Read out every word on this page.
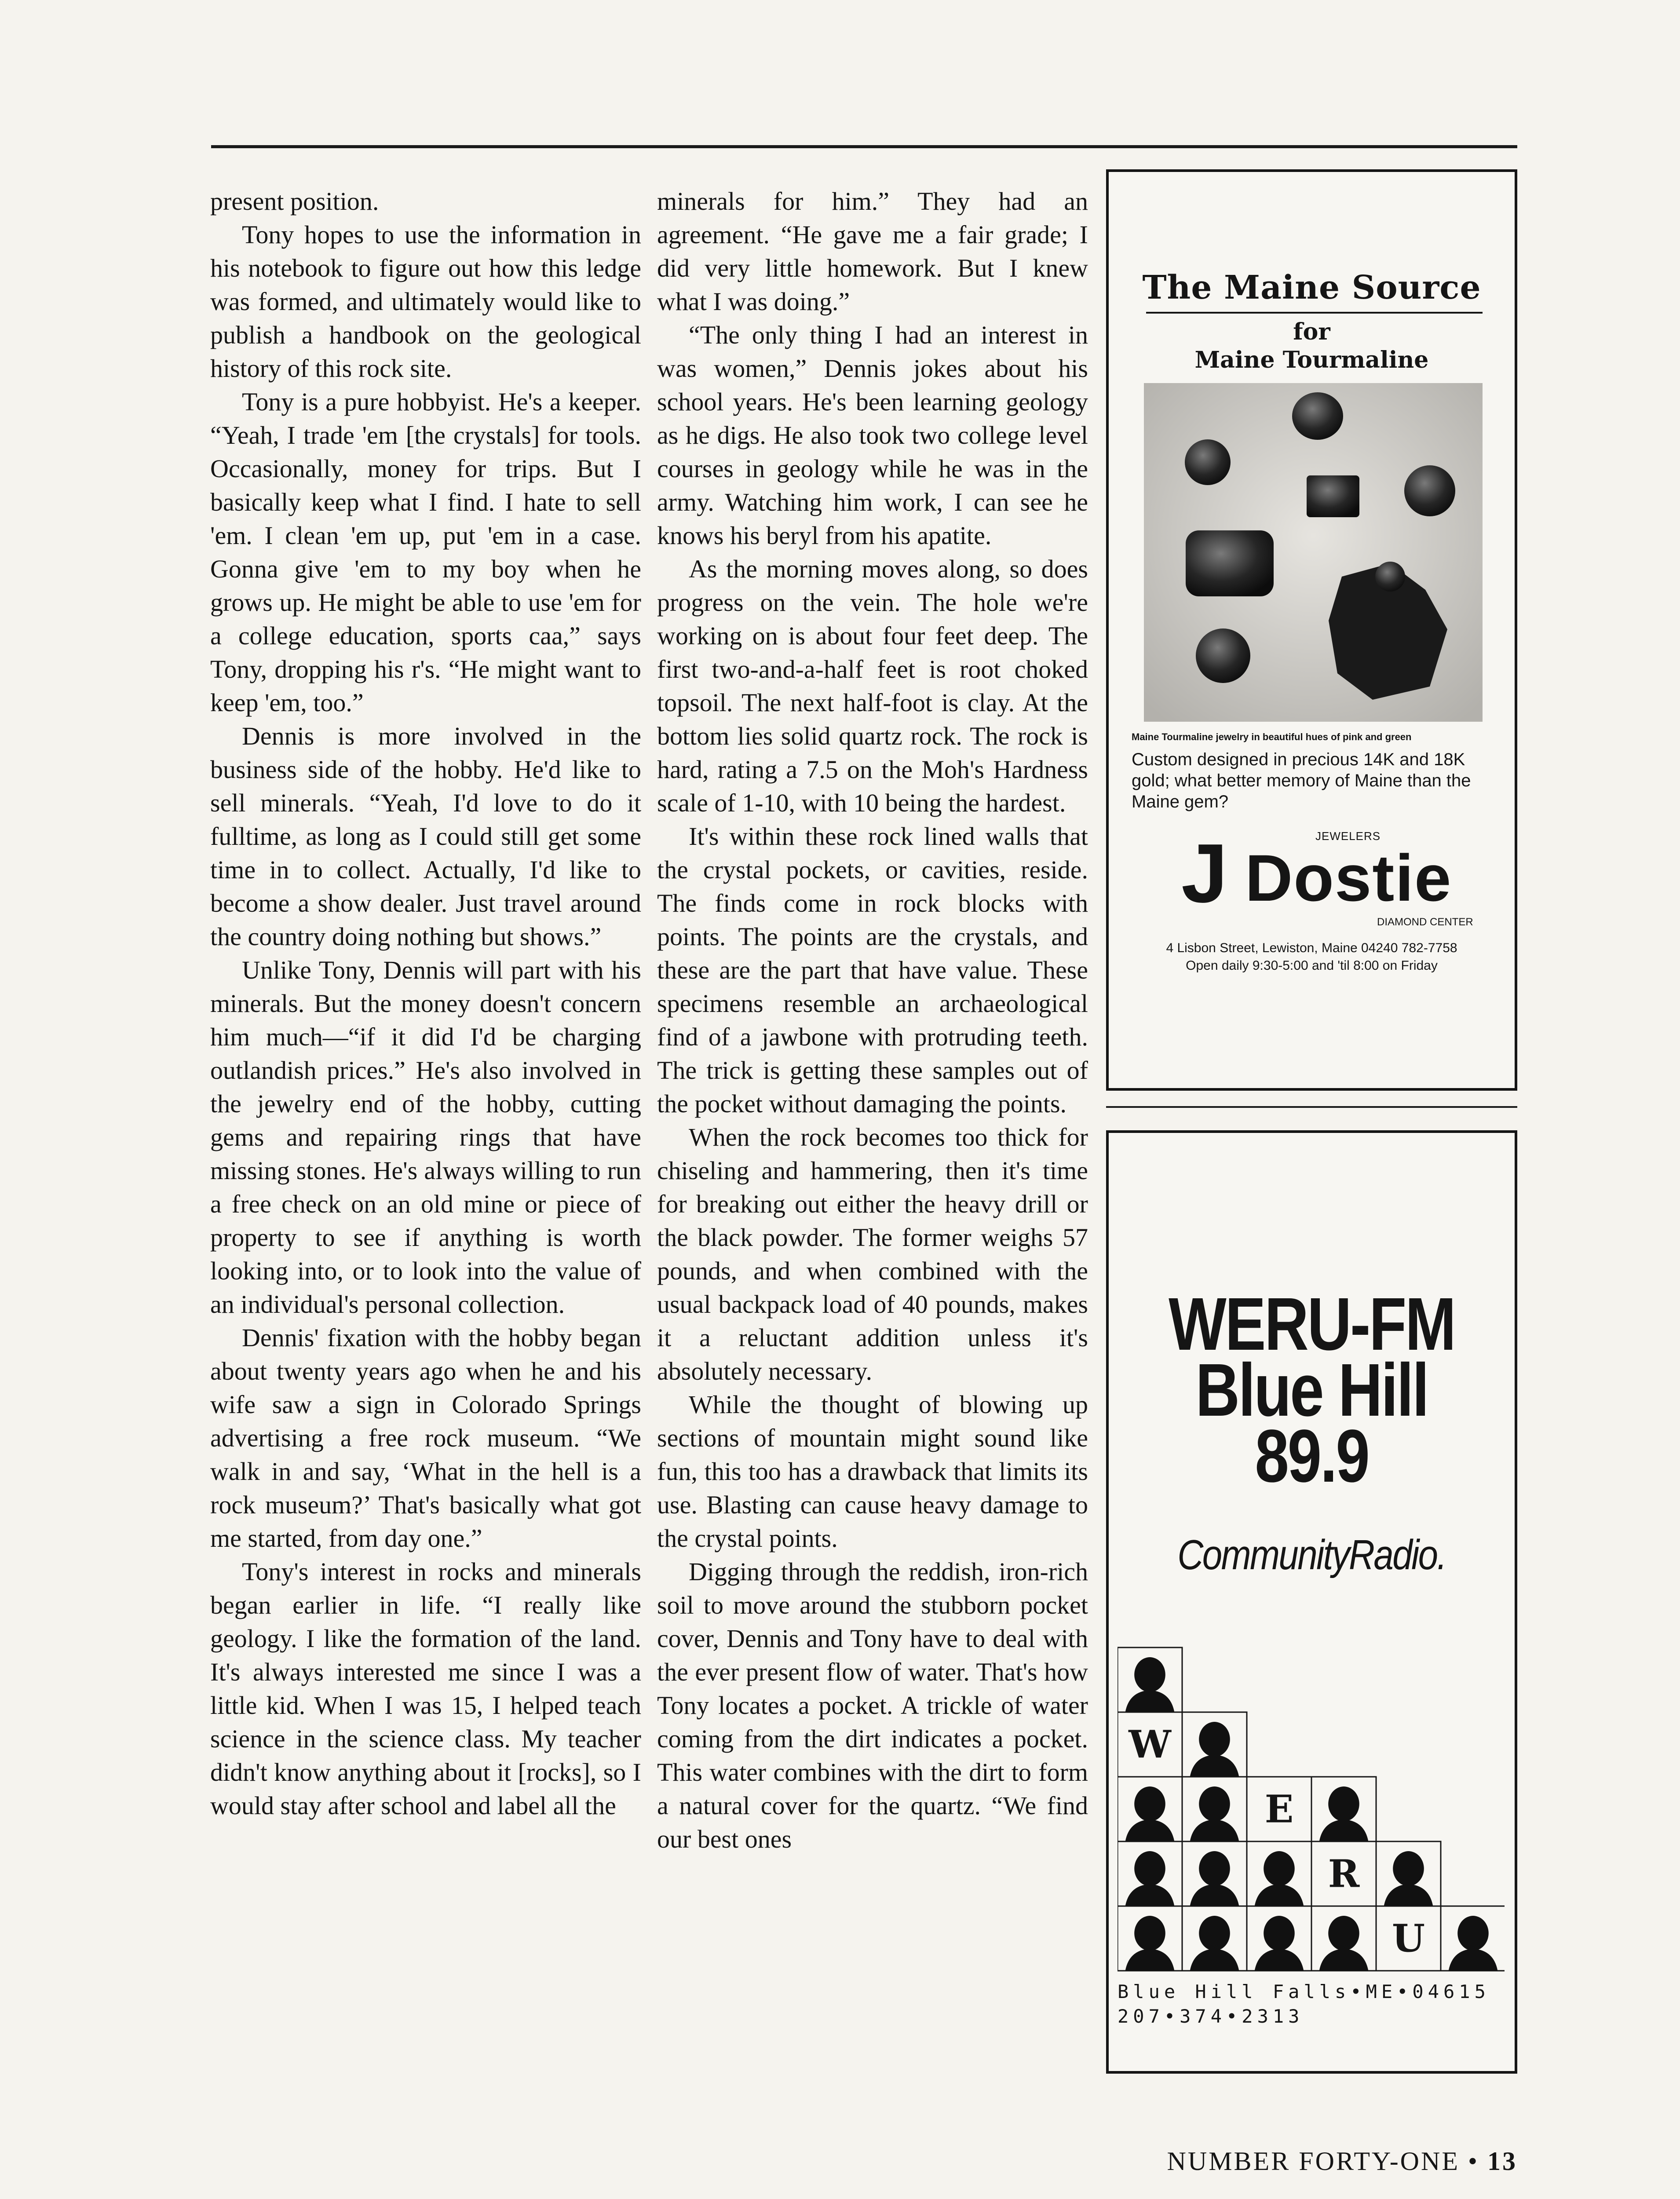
present position.

Tony hopes to use the information in his notebook to figure out how this ledge was formed, and ultimately would like to publish a handbook on the geological history of this rock site.

Tony is a pure hobbyist. He's a keeper. “Yeah, I trade 'em [the crystals] for tools. Occasionally, money for trips. But I basically keep what I find. I hate to sell 'em. I clean 'em up, put 'em in a case. Gonna give 'em to my boy when he grows up. He might be able to use 'em for a college education, sports caa,” says Tony, dropping his r's. “He might want to keep 'em, too.”

Dennis is more involved in the business side of the hobby. He'd like to sell minerals. “Yeah, I'd love to do it fulltime, as long as I could still get some time in to collect. Actually, I'd like to become a show dealer. Just travel around the country doing nothing but shows.”

Unlike Tony, Dennis will part with his minerals. But the money doesn't concern him much—“if it did I'd be charging outlandish prices.” He's also involved in the jewelry end of the hobby, cutting gems and repairing rings that have missing stones. He's always willing to run a free check on an old mine or piece of property to see if anything is worth looking into, or to look into the value of an individual's personal collection.

Dennis' fixation with the hobby began about twenty years ago when he and his wife saw a sign in Colorado Springs advertising a free rock museum. “We walk in and say, ‘What in the hell is a rock museum?’ That's basically what got me started, from day one.”

Tony's interest in rocks and minerals began earlier in life. “I really like geology. I like the formation of the land. It's always interested me since I was a little kid. When I was 15, I helped teach science in the science class. My teacher didn't know anything about it [rocks], so I would stay after school and label all the

minerals for him.” They had an agreement. “He gave me a fair grade; I did very little homework. But I knew what I was doing.”

“The only thing I had an interest in was women,” Dennis jokes about his school years. He's been learning geology as he digs. He also took two college level courses in geology while he was in the army. Watching him work, I can see he knows his beryl from his apatite.

As the morning moves along, so does progress on the vein. The hole we're working on is about four feet deep. The first two-and-a-half feet is root choked topsoil. The next half-foot is clay. At the bottom lies solid quartz rock. The rock is hard, rating a 7.5 on the Moh's Hardness scale of 1-10, with 10 being the hardest.

It's within these rock lined walls that the crystal pockets, or cavities, reside. The finds come in rock blocks with points. The points are the crystals, and these are the part that have value. These specimens resemble an archaeological find of a jawbone with protruding teeth. The trick is getting these samples out of the pocket without damaging the points.

When the rock becomes too thick for chiseling and hammering, then it's time for breaking out either the heavy drill or the black powder. The former weighs 57 pounds, and when combined with the usual backpack load of 40 pounds, makes it a reluctant addition unless it's absolutely necessary.

While the thought of blowing up sections of mountain might sound like fun, this too has a drawback that limits its use. Blasting can cause heavy damage to the crystal points.

Digging through the reddish, iron-rich soil to move around the stubborn pocket cover, Dennis and Tony have to deal with the ever present flow of water. That's how Tony locates a pocket. A trickle of water coming from the dirt indicates a pocket. This water combines with the dirt to form a natural cover for the quartz. “We find our best ones

The Maine Source
for
Maine Tourmaline
Maine Tourmaline jewelry in beautiful hues of pink and green
Custom designed in precious 14K and 18K gold; what better memory of Maine than the Maine gem?
J	JEWELERS
Dostie
DIAMOND CENTER
4 Lisbon Street, Lewiston, Maine 04240 782-7758
Open daily 9:30-5:00 and 'til 8:00 on Friday
WERU-FM
Blue Hill
89.9
CommunityRadio.
W
E
R
U
Blue Hill Falls•ME•04615
207•374•2313
NUMBER FORTY-ONE • 13
